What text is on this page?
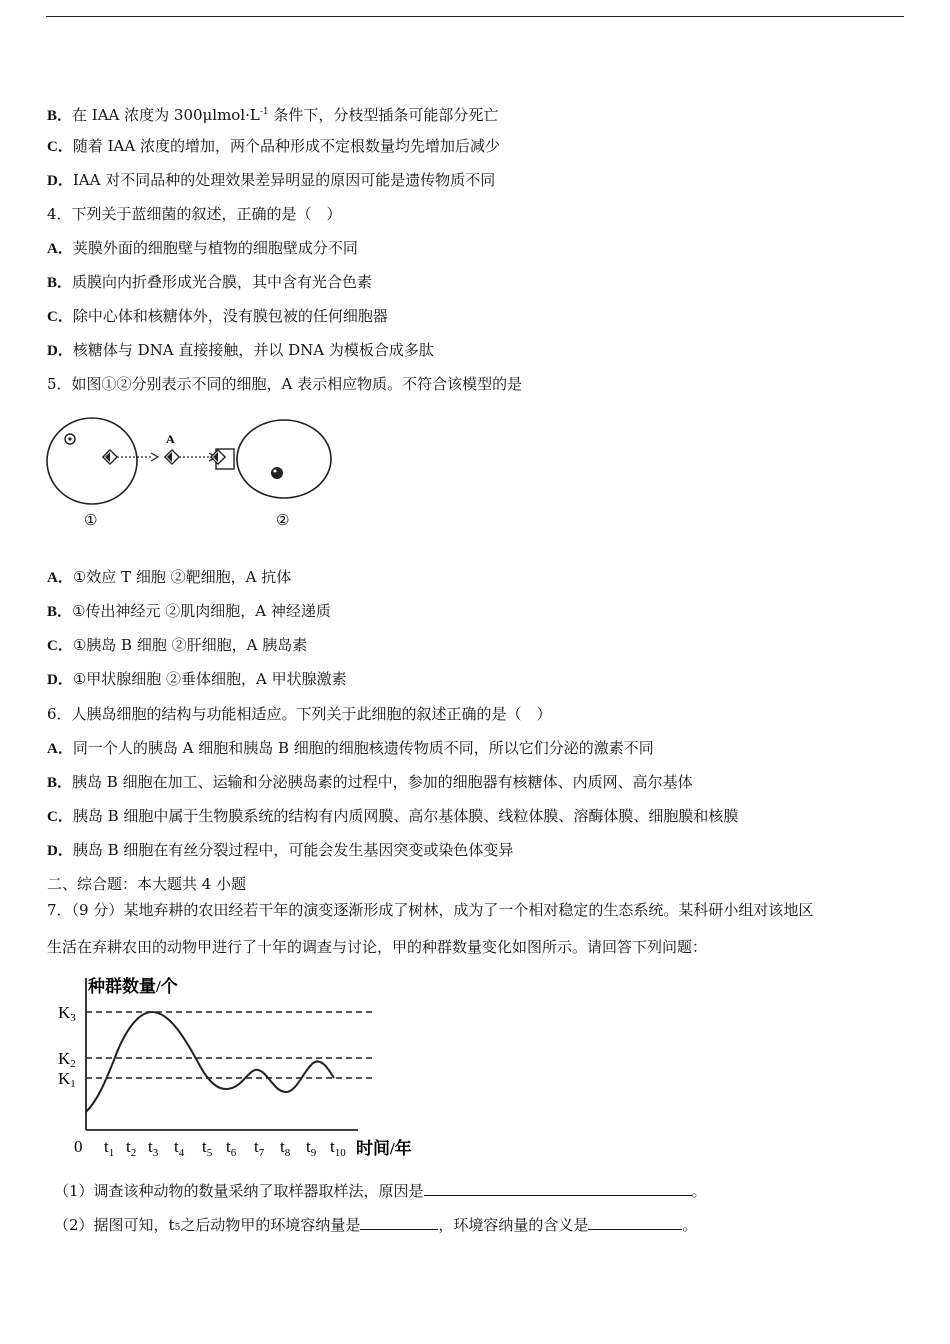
B．在 IAA 浓度为 $300\mu lmol\cdot L^{-1}$ 条件下，分枝型插条可能部分死亡
C．随着 IAA 浓度的增加，两个品种形成不定根数量均先增加后减少
D．IAA 对不同品种的处理效果差异明显的原因可能是遗传物质不同
4．下列关于蓝细菌的叙述，正确的是（　）
A．荚膜外面的细胞壁与植物的细胞壁成分不同
B．质膜向内折叠形成光合膜，其中含有光合色素
C．除中心体和核糖体外，没有膜包被的任何细胞器
D．核糖体与 DNA 直接接触，并以 DNA 为模板合成多肽
5．如图①②分别表示不同的细胞，A 表示相应物质。不符合该模型的是
A
①	②
A．①效应 T 细胞 ②靶细胞，A 抗体
B．①传出神经元 ②肌肉细胞，A 神经递质
C．①胰岛 B 细胞 ②肝细胞，A 胰岛素
D．①甲状腺细胞 ②垂体细胞，A 甲状腺激素
6．人胰岛细胞的结构与功能相适应。下列关于此细胞的叙述正确的是（　）
A．同一个人的胰岛 A 细胞和胰岛 B 细胞的细胞核遗传物质不同，所以它们分泌的激素不同
B．胰岛 B 细胞在加工、运输和分泌胰岛素的过程中，参加的细胞器有核糖体、内质网、高尔基体
C．胰岛 B 细胞中属于生物膜系统的结构有内质网膜、高尔基体膜、线粒体膜、溶酶体膜、细胞膜和核膜
D．胰岛 B 细胞在有丝分裂过程中，可能会发生基因突变或染色体变异
二、综合题：本大题共 4 小题
7．（9 分）某地弃耕的农田经若干年的演变逐渐形成了树林，成为了一个相对稳定的生态系统。某科研小组对该地区
生活在弃耕农田的动物甲进行了十年的调查与讨论，甲的种群数量变化如图所示。请回答下列问题：
种群数量/个
K3
K2
K1
0 $t_1$ $t_2$ $t_3$ $t_4$ $t_5$ $t_6$ $t_7$ $t_8$ $t_9$ $t_{10}$ 时间/年
（1）调查该种动物的数量采纳了取样器取样法，原因是	。
（2）据图可知，t5之后动物甲的环境容纳量是	，环境容纳量的含义是	。
